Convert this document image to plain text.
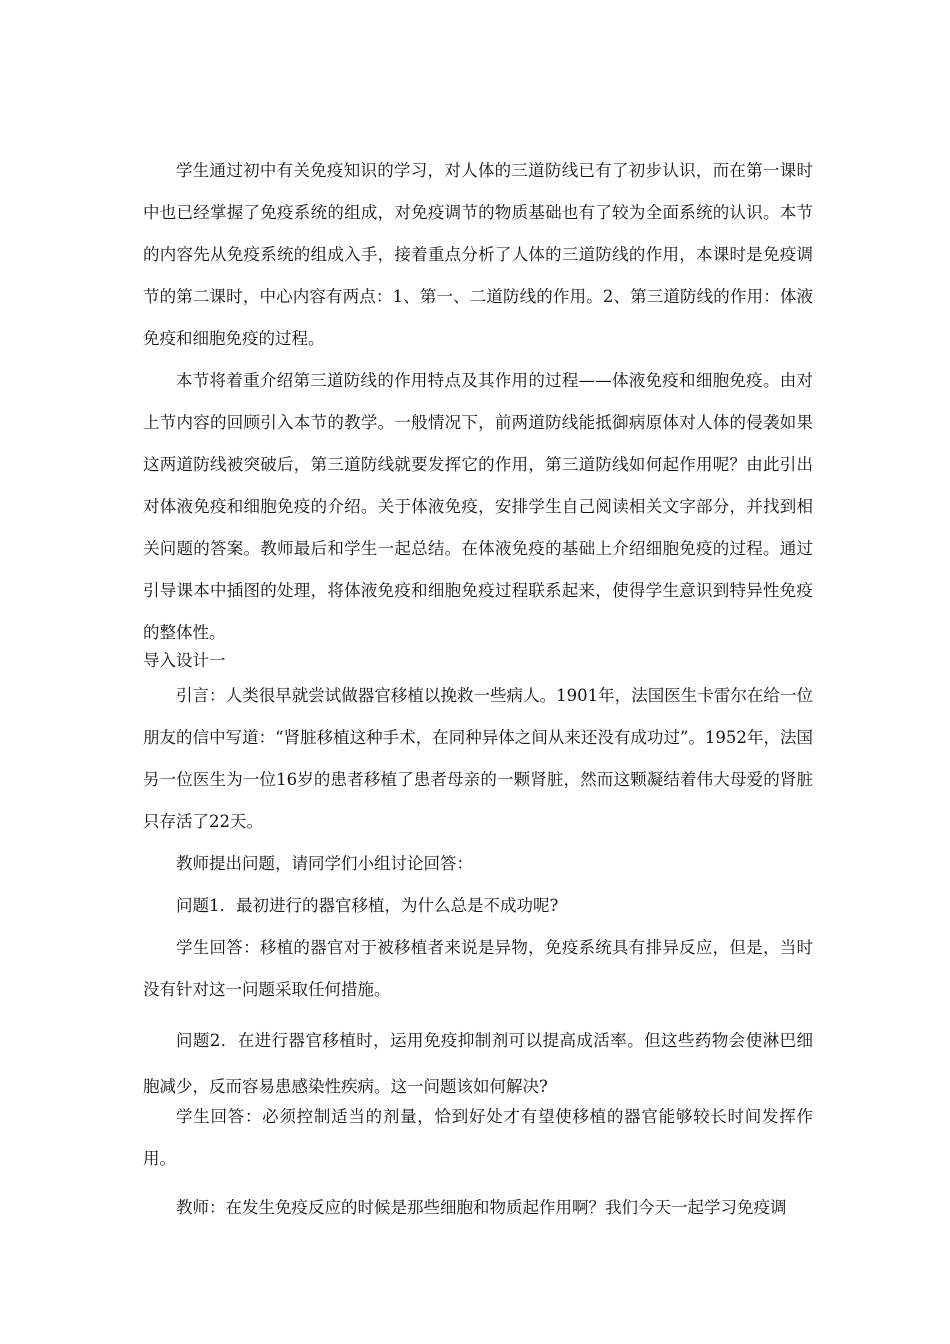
学生通过初中有关免疫知识的学习，对人体的三道防线已有了初步认识，而在第一课时中也已经掌握了免疫系统的组成，对免疫调节的物质基础也有了较为全面系统的认识。本节的内容先从免疫系统的组成入手，接着重点分析了人体的三道防线的作用，本课时是免疫调节的第二课时，中心内容有两点：1、第一、二道防线的作用。2、第三道防线的作用：体液免疫和细胞免疫的过程。

本节将着重介绍第三道防线的作用特点及其作用的过程——体液免疫和细胞免疫。由对上节内容的回顾引入本节的教学。一般情况下，前两道防线能抵御病原体对人体的侵袭如果这两道防线被突破后，第三道防线就要发挥它的作用，第三道防线如何起作用呢？由此引出对体液免疫和细胞免疫的介绍。关于体液免疫，安排学生自己阅读相关文字部分，并找到相关问题的答案。教师最后和学生一起总结。在体液免疫的基础上介绍细胞免疫的过程。通过引导课本中插图的处理，将体液免疫和细胞免疫过程联系起来，使得学生意识到特异性免疫的整体性。

导入设计一

引言：人类很早就尝试做器官移植以挽救一些病人。1901年，法国医生卡雷尔在给一位朋友的信中写道：“肾脏移植这种手术，在同种异体之间从来还没有成功过”。1952年，法国另一位医生为一位16岁的患者移植了患者母亲的一颗肾脏，然而这颗凝结着伟大母爱的肾脏只存活了22天。

教师提出问题，请同学们小组讨论回答：

问题1．最初进行的器官移植，为什么总是不成功呢?

学生回答：移植的器官对于被移植者来说是异物，免疫系统具有排异反应，但是，当时没有针对这一问题采取任何措施。

问题2．在进行器官移植时，运用免疫抑制剂可以提高成活率。但这些药物会使淋巴细胞减少，反而容易患感染性疾病。这一问题该如何解决?

学生回答：必须控制适当的剂量，恰到好处才有望使移植的器官能够较长时间发挥作用。

教师：在发生免疫反应的时候是那些细胞和物质起作用啊？我们今天一起学习免疫调
